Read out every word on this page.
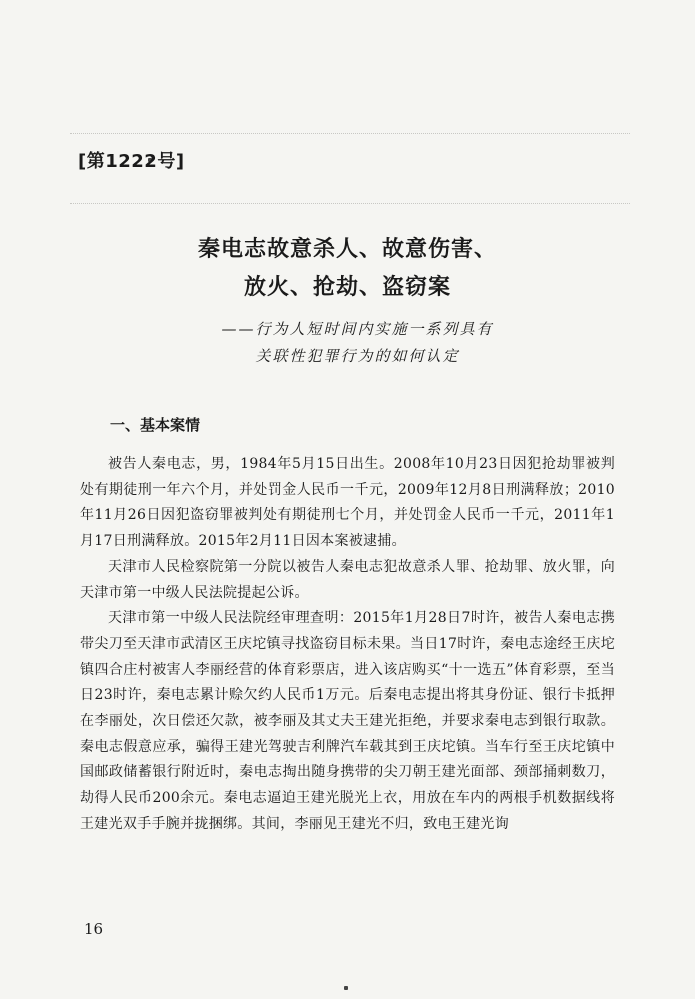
[第1222号]
秦电志故意杀人、故意伤害、
放火、抢劫、盗窃案
——行为人短时间内实施一系列具有
关联性犯罪行为的如何认定
一、基本案情

被告人秦电志，男，1984年5月15日出生。2008年10月23日因犯抢劫罪被判处有期徒刑一年六个月，并处罚金人民币一千元，2009年12月8日刑满释放；2010年11月26日因犯盗窃罪被判处有期徒刑七个月，并处罚金人民币一千元，2011年1月17日刑满释放。2015年2月11日因本案被逮捕。

天津市人民检察院第一分院以被告人秦电志犯故意杀人罪、抢劫罪、放火罪，向天津市第一中级人民法院提起公诉。

天津市第一中级人民法院经审理查明：2015年1月28日7时许，被告人秦电志携带尖刀至天津市武清区王庆坨镇寻找盗窃目标未果。当日17时许，秦电志途经王庆坨镇四合庄村被害人李丽经营的体育彩票店，进入该店购买“十一选五”体育彩票，至当日23时许，秦电志累计赊欠约人民币1万元。后秦电志提出将其身份证、银行卡抵押在李丽处，次日偿还欠款，被李丽及其丈夫王建光拒绝，并要求秦电志到银行取款。秦电志假意应承，骗得王建光驾驶吉利牌汽车载其到王庆坨镇。当车行至王庆坨镇中国邮政储蓄银行附近时，秦电志掏出随身携带的尖刀朝王建光面部、颈部捅刺数刀，劫得人民币200余元。秦电志逼迫王建光脱光上衣，用放在车内的两根手机数据线将王建光双手手腕并拢捆绑。其间，李丽见王建光不归，致电王建光询

16
